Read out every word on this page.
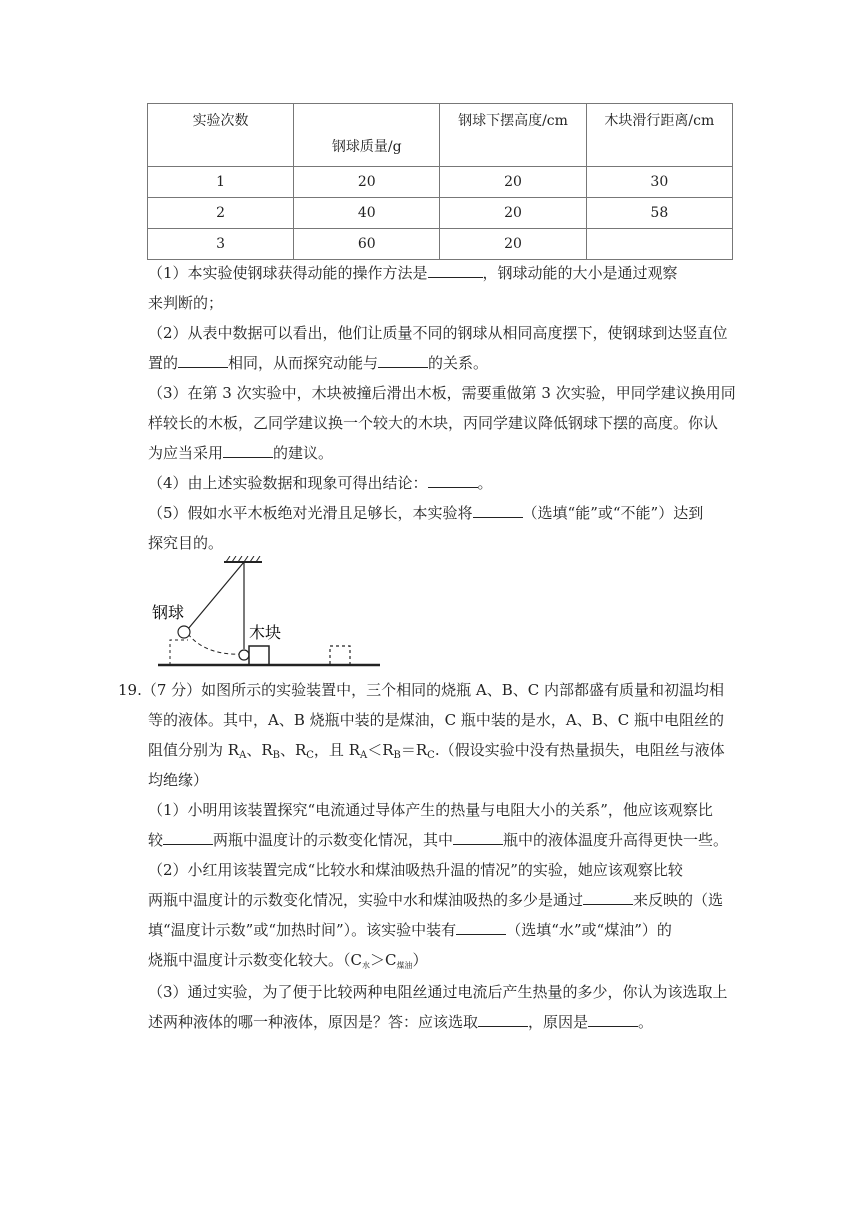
实验次数	钢球质量/g	钢球下摆高度/cm	木块滑行距离/cm

1	20	20	30
2	40	20	58
3	60	20	
（1）本实验使钢球获得动能的操作方法是	，钢球动能的大小是通过观察
来判断的；
（2）从表中数据可以看出，他们让质量不同的钢球从相同高度摆下，使钢球到达竖直位
置的	相同，从而探究动能与	的关系。
（3）在第 3 次实验中，木块被撞后滑出木板，需要重做第 3 次实验，甲同学建议换用同
样较长的木板，乙同学建议换一个较大的木块，丙同学建议降低钢球下摆的高度。你认
为应当采用	的建议。
（4）由上述实验数据和现象可得出结论：	。
（5）假如水平木板绝对光滑且足够长，本实验将	（选填“能”或“不能”）达到
探究目的。
钢球
木块
19.（7 分）如图所示的实验装置中，三个相同的烧瓶 A、B、C 内部都盛有质量和初温均相
等的液体。其中，A、B 烧瓶中装的是煤油，C 瓶中装的是水，A、B、C 瓶中电阻丝的
阻值分别为 $R_A$、$R_B$、$R_C$，且 $R_A<R_B=R_C$.（假设实验中没有热量损失，电阻丝与液体
均绝缘）
（1）小明用该装置探究“电流通过导体产生的热量与电阻大小的关系”，他应该观察比
较	两瓶中温度计的示数变化情况，其中	瓶中的液体温度升高得更快一些。
（2）小红用该装置完成“比较水和煤油吸热升温的情况”的实验，她应该观察比较
两瓶中温度计的示数变化情况，实验中水和煤油吸热的多少是通过	来反映的（选
填“温度计示数”或“加热时间”）。该实验中装有	（选填“水”或“煤油”）的
烧瓶中温度计示数变化较大。$(C_水>C_{煤油})$
（3）通过实验，为了便于比较两种电阻丝通过电流后产生热量的多少，你认为该选取上
述两种液体的哪一种液体，原因是？答：应该选取	，原因是	。
